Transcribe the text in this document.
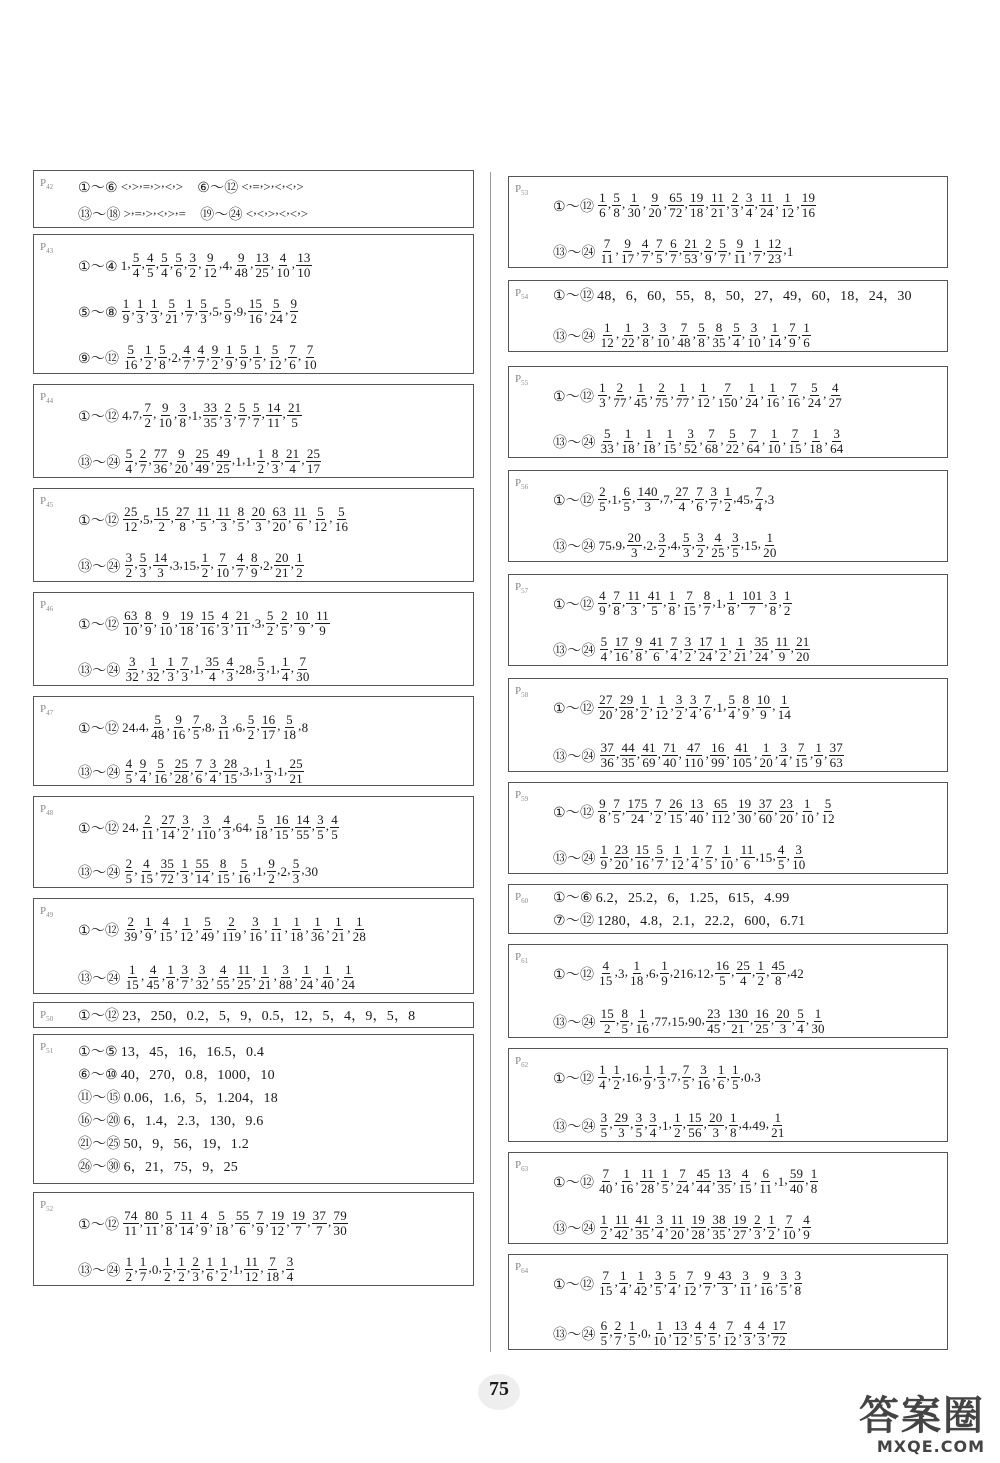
$P_{42}$ ①～⑥ < , > , = , > , < , > ⑥～⑫ < , = , > , < , < , >
⑬～⑱ > , = , > , < , > , = ⑲～㉔ < , < , > , < , < , >
$P_{43}$
①～④ 1 , $\frac{5}{4}$ , $\frac{4}{5}$ , $\frac{5}{4}$ , $\frac{5}{6}$ , $\frac{3}{2}$ , $\frac{9}{12}$ , 4 , $\frac{9}{48}$ , $\frac{13}{25}$ , $\frac{4}{10}$ , $\frac{13}{10}$
⑤～⑧ $\frac{1}{9}$ , $\frac{1}{3}$ , $\frac{1}{3}$ , $\frac{5}{21}$ , $\frac{1}{7}$ , $\frac{5}{3}$ , 5 , $\frac{5}{9}$ , 9 , $\frac{15}{16}$ , $\frac{5}{24}$ , $\frac{9}{2}$
⑨～⑫ $\frac{5}{16}$ , $\frac{1}{2}$ , $\frac{5}{8}$ , 2 , $\frac{4}{7}$ , $\frac{4}{7}$ , $\frac{9}{2}$ , $\frac{1}{9}$ , $\frac{5}{9}$ , $\frac{1}{5}$ , $\frac{5}{12}$ , $\frac{7}{6}$ , $\frac{7}{10}$
$P_{44}$
①～⑫ 4 , 7 , $\frac{7}{2}$ , $\frac{9}{10}$ , $\frac{3}{8}$ , 1 , $\frac{33}{35}$ , $\frac{2}{3}$ , $\frac{5}{7}$ , $\frac{5}{7}$ , $\frac{14}{11}$ , $\frac{21}{5}$
⑬～㉔ $\frac{5}{4}$ , $\frac{2}{7}$ , $\frac{77}{36}$ , $\frac{9}{20}$ , $\frac{25}{49}$ , $\frac{49}{25}$ , 1 , 1 , $\frac{1}{2}$ , $\frac{8}{3}$ , $\frac{21}{4}$ , $\frac{25}{17}$
$P_{45}$
①～⑫ $\frac{25}{12}$ , 5 , $\frac{15}{2}$ , $\frac{27}{8}$ , $\frac{11}{5}$ , $\frac{11}{3}$ , $\frac{8}{5}$ , $\frac{20}{3}$ , $\frac{63}{20}$ , $\frac{11}{6}$ , $\frac{5}{12}$ , $\frac{5}{16}$
⑬～㉔ $\frac{3}{2}$ , $\frac{5}{3}$ , $\frac{14}{3}$ , 3 , 15 , $\frac{1}{2}$ , $\frac{7}{10}$ , $\frac{4}{7}$ , $\frac{8}{9}$ , 2 , $\frac{20}{21}$ , $\frac{1}{2}$
$P_{46}$
①～⑫ $\frac{63}{10}$ , $\frac{8}{9}$ , $\frac{9}{10}$ , $\frac{19}{18}$ , $\frac{15}{16}$ , $\frac{4}{3}$ , $\frac{21}{11}$ , 3 , $\frac{5}{2}$ , $\frac{2}{5}$ , $\frac{10}{9}$ , $\frac{11}{9}$
⑬～㉔ $\frac{3}{32}$ , $\frac{1}{32}$ , $\frac{1}{3}$ , $\frac{7}{3}$ , 1 , $\frac{35}{4}$ , $\frac{4}{3}$ , 28 , $\frac{5}{3}$ , 1 , $\frac{1}{4}$ , $\frac{7}{30}$
$P_{47}$
①～⑫ 24 , 4 , $\frac{5}{48}$ , $\frac{9}{16}$ , $\frac{7}{5}$ , 8 , $\frac{3}{11}$ , 6 , $\frac{5}{2}$ , $\frac{16}{17}$ , $\frac{5}{18}$ , 8
⑬～㉔ $\frac{4}{5}$ , $\frac{9}{4}$ , $\frac{5}{16}$ , $\frac{25}{28}$ , $\frac{7}{6}$ , $\frac{3}{4}$ , $\frac{28}{15}$ , 3 , 1 , $\frac{1}{3}$ , 1 , $\frac{25}{21}$
$P_{48}$
①～⑫ 24 , $\frac{2}{11}$ , $\frac{27}{14}$ , $\frac{3}{2}$ , $\frac{3}{110}$ , $\frac{4}{3}$ , 64 , $\frac{5}{18}$ , $\frac{16}{15}$ , $\frac{14}{55}$ , $\frac{3}{5}$ , $\frac{4}{5}$
⑬～㉔ $\frac{2}{5}$ , $\frac{4}{15}$ , $\frac{35}{72}$ , $\frac{1}{3}$ , $\frac{55}{14}$ , $\frac{8}{15}$ , $\frac{5}{16}$ , 1 , $\frac{9}{2}$ , 2 , $\frac{5}{3}$ , 30
$P_{49}$
①～⑫ $\frac{2}{39}$ , $\frac{1}{9}$ , $\frac{4}{15}$ , $\frac{1}{12}$ , $\frac{5}{49}$ , $\frac{2}{119}$ , $\frac{3}{16}$ , $\frac{1}{11}$ , $\frac{1}{18}$ , $\frac{1}{36}$ , $\frac{1}{21}$ , $\frac{1}{28}$
⑬～㉔ $\frac{1}{15}$ , $\frac{4}{45}$ , $\frac{1}{8}$ , $\frac{3}{7}$ , $\frac{3}{32}$ , $\frac{4}{55}$ , $\frac{11}{25}$ , $\frac{1}{21}$ , $\frac{3}{88}$ , $\frac{1}{24}$ , $\frac{1}{40}$ , $\frac{1}{24}$
$P_{50}$ ①～⑫ 23，250，0.2，5，9，0.5，12，5，4，9，5，8
$P_{51}$ ①～⑤ 13，45，16，16.5，0.4
⑥～⑩ 40，270，0.8，1000，10
⑪～⑮ 0.06，1.6，5，1.204，18
⑯～⑳ 6，1.4，2.3，130，9.6
㉑～㉕ 50，9，56，19，1.2
㉖～㉚ 6，21，75，9，25
$P_{52}$
①～⑫ $\frac{74}{11}$ , $\frac{80}{11}$ , $\frac{5}{8}$ , $\frac{11}{14}$ , $\frac{4}{9}$ , $\frac{5}{18}$ , $\frac{55}{6}$ , $\frac{7}{9}$ , $\frac{19}{12}$ , $\frac{19}{7}$ , $\frac{37}{7}$ , $\frac{79}{30}$
⑬～㉔ $\frac{1}{2}$ , $\frac{1}{7}$ , 0 , $\frac{1}{2}$ , $\frac{1}{2}$ , $\frac{2}{3}$ , $\frac{1}{6}$ , $\frac{1}{2}$ , 1 , $\frac{11}{12}$ , $\frac{7}{18}$ , $\frac{3}{4}$
$P_{53}$
①～⑫ $\frac{1}{6}$ , $\frac{5}{8}$ , $\frac{1}{30}$ , $\frac{9}{20}$ , $\frac{65}{72}$ , $\frac{19}{18}$ , $\frac{11}{21}$ , $\frac{2}{3}$ , $\frac{3}{4}$ , $\frac{11}{24}$ , $\frac{1}{12}$ , $\frac{19}{16}$
⑬～㉔ $\frac{7}{11}$ , $\frac{9}{17}$ , $\frac{4}{7}$ , $\frac{7}{5}$ , $\frac{6}{7}$ , $\frac{21}{53}$ , $\frac{2}{9}$ , $\frac{5}{7}$ , $\frac{9}{11}$ , $\frac{1}{7}$ , $\frac{12}{23}$ , 1
$P_{54}$ ①～⑫ 48，6，60，55，8，50，27，49，60，18，24，30
⑬～㉔ $\frac{1}{12}$ , $\frac{1}{22}$ , $\frac{3}{8}$ , $\frac{3}{10}$ , $\frac{7}{48}$ , $\frac{5}{8}$ , $\frac{8}{35}$ , $\frac{5}{4}$ , $\frac{3}{10}$ , $\frac{1}{14}$ , $\frac{7}{9}$ , $\frac{1}{6}$
$P_{55}$
①～⑫ $\frac{1}{3}$ , $\frac{2}{77}$ , $\frac{1}{45}$ , $\frac{2}{75}$ , $\frac{1}{77}$ , $\frac{1}{12}$ , $\frac{7}{150}$ , $\frac{1}{24}$ , $\frac{1}{16}$ , $\frac{7}{16}$ , $\frac{5}{24}$ , $\frac{4}{27}$
⑬～㉔ $\frac{5}{33}$ , $\frac{1}{18}$ , $\frac{1}{18}$ , $\frac{1}{15}$ , $\frac{3}{52}$ , $\frac{7}{68}$ , $\frac{5}{22}$ , $\frac{7}{64}$ , $\frac{1}{10}$ , $\frac{7}{15}$ , $\frac{1}{18}$ , $\frac{3}{64}$
$P_{56}$
①～⑫ $\frac{2}{5}$ , 1 , $\frac{6}{5}$ , $\frac{140}{3}$ , 7 , $\frac{27}{4}$ , $\frac{7}{6}$ , $\frac{3}{7}$ , $\frac{1}{2}$ , 45 , $\frac{7}{4}$ , 3
⑬～㉔ 75 , 9 , $\frac{20}{3}$ , 2 , $\frac{3}{2}$ , 4 , $\frac{5}{3}$ , $\frac{3}{2}$ , $\frac{4}{25}$ , $\frac{3}{5}$ , 15 , $\frac{1}{20}$
$P_{57}$
①～⑫ $\frac{4}{9}$ , $\frac{7}{8}$ , $\frac{11}{3}$ , $\frac{41}{5}$ , $\frac{1}{8}$ , $\frac{7}{15}$ , $\frac{8}{7}$ , 1 , $\frac{1}{8}$ , $\frac{101}{7}$ , $\frac{3}{8}$ , $\frac{1}{2}$
⑬～㉔ $\frac{5}{4}$ , $\frac{17}{16}$ , $\frac{9}{8}$ , $\frac{41}{6}$ , $\frac{7}{4}$ , $\frac{3}{2}$ , $\frac{17}{24}$ , $\frac{1}{2}$ , $\frac{1}{21}$ , $\frac{35}{24}$ , $\frac{11}{9}$ , $\frac{21}{20}$
$P_{58}$
①～⑫ $\frac{27}{20}$ , $\frac{29}{28}$ , $\frac{1}{2}$ , $\frac{1}{12}$ , $\frac{3}{2}$ , $\frac{3}{4}$ , $\frac{7}{6}$ , 1 , $\frac{5}{4}$ , $\frac{8}{9}$ , $\frac{10}{9}$ , $\frac{1}{14}$
⑬～㉔ $\frac{37}{36}$ , $\frac{44}{35}$ , $\frac{41}{69}$ , $\frac{71}{40}$ , $\frac{47}{110}$ , $\frac{16}{99}$ , $\frac{41}{105}$ , $\frac{1}{20}$ , $\frac{3}{4}$ , $\frac{7}{15}$ , $\frac{1}{9}$ , $\frac{37}{63}$
$P_{59}$
①～⑫ $\frac{9}{8}$ , $\frac{7}{5}$ , $\frac{175}{24}$ , $\frac{7}{2}$ , $\frac{26}{15}$ , $\frac{13}{40}$ , $\frac{65}{112}$ , $\frac{19}{30}$ , $\frac{37}{60}$ , $\frac{23}{20}$ , $\frac{1}{10}$ , $\frac{5}{12}$
⑬～㉔ $\frac{1}{9}$ , $\frac{23}{20}$ , $\frac{15}{16}$ , $\frac{5}{7}$ , $\frac{1}{12}$ , $\frac{1}{4}$ , $\frac{7}{5}$ , $\frac{1}{10}$ , $\frac{11}{6}$ , 15 , $\frac{4}{5}$ , $\frac{3}{10}$
$P_{60}$ ①～⑥ 6.2，25.2，6，1.25，615，4.99
⑦～⑫ 1280，4.8，2.1，22.2，600，6.71
$P_{61}$
①～⑫ $\frac{4}{15}$ , 3 , $\frac{1}{18}$ , 6 , $\frac{1}{9}$ , 216 , 12 , $\frac{16}{5}$ , $\frac{25}{4}$ , $\frac{1}{2}$ , $\frac{45}{8}$ , 42
⑬～㉔ $\frac{15}{2}$ , $\frac{8}{5}$ , $\frac{1}{16}$ , 77 , 15 , 90 , $\frac{23}{45}$ , $\frac{130}{21}$ , $\frac{16}{25}$ , $\frac{20}{3}$ , $\frac{5}{4}$ , $\frac{1}{30}$
$P_{62}$
①～⑫ $\frac{1}{4}$ , $\frac{1}{2}$ , 16 , $\frac{1}{9}$ , $\frac{1}{3}$ , 7 , $\frac{7}{5}$ , $\frac{3}{16}$ , $\frac{1}{6}$ , $\frac{1}{5}$ , 0 , 3
⑬～㉔ $\frac{3}{5}$ , $\frac{29}{3}$ , $\frac{3}{5}$ , $\frac{3}{4}$ , 1 , $\frac{1}{2}$ , $\frac{15}{56}$ , $\frac{20}{3}$ , $\frac{1}{8}$ , 4 , 49 , $\frac{1}{21}$
$P_{63}$
①～⑫ $\frac{7}{40}$ , $\frac{1}{16}$ , $\frac{11}{28}$ , $\frac{1}{5}$ , $\frac{7}{24}$ , $\frac{45}{44}$ , $\frac{13}{35}$ , $\frac{4}{15}$ , $\frac{6}{11}$ , 1 , $\frac{59}{40}$ , $\frac{1}{8}$
⑬～㉔ $\frac{1}{2}$ , $\frac{11}{42}$ , $\frac{41}{35}$ , $\frac{3}{4}$ , $\frac{11}{20}$ , $\frac{19}{28}$ , $\frac{38}{35}$ , $\frac{19}{27}$ , $\frac{2}{3}$ , $\frac{1}{2}$ , $\frac{7}{10}$ , $\frac{4}{9}$
$P_{64}$
①～⑫ $\frac{7}{15}$ , $\frac{1}{4}$ , $\frac{1}{42}$ , $\frac{3}{5}$ , $\frac{5}{4}$ , $\frac{7}{12}$ , $\frac{9}{7}$ , $\frac{43}{3}$ , $\frac{3}{11}$ , $\frac{9}{16}$ , $\frac{3}{5}$ , $\frac{3}{8}$
⑬～㉔ $\frac{6}{5}$ , $\frac{2}{7}$ , $\frac{1}{5}$ , 0 , $\frac{1}{10}$ , $\frac{13}{12}$ , $\frac{4}{5}$ , $\frac{4}{5}$ , $\frac{7}{12}$ , $\frac{4}{3}$ , $\frac{4}{3}$ , $\frac{17}{72}$
75
答案圈
MXQE.COM
